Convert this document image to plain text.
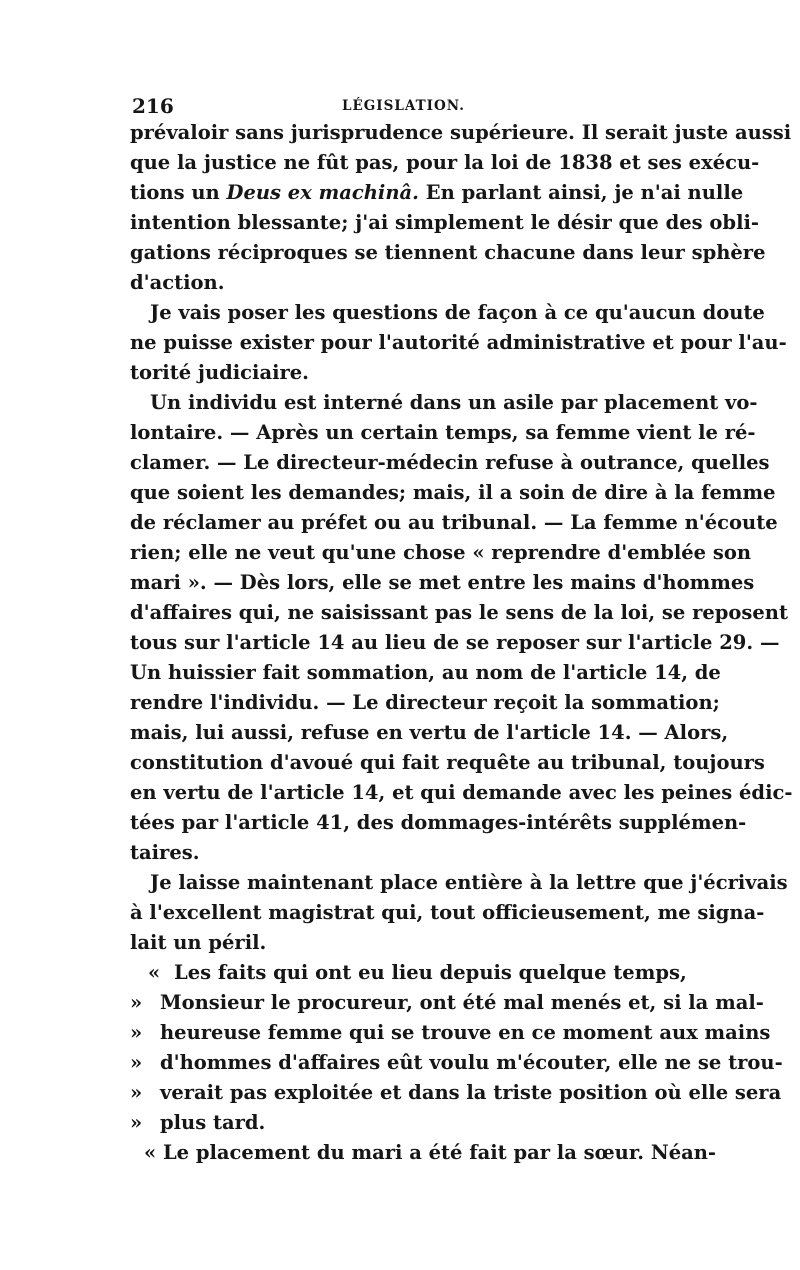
216	LÉGISLATION.
prévaloir sans jurisprudence supérieure. Il serait juste aussi
que la justice ne fût pas, pour la loi de 1838 et ses exécu-
tions un Deus ex machinâ. En parlant ainsi, je n'ai nulle
intention blessante; j'ai simplement le désir que des obli-
gations réciproques se tiennent chacune dans leur sphère
d'action.
Je vais poser les questions de façon à ce qu'aucun doute
ne puisse exister pour l'autorité administrative et pour l'au-
torité judiciaire.
Un individu est interné dans un asile par placement vo-
lontaire. — Après un certain temps, sa femme vient le ré-
clamer. — Le directeur-médecin refuse à outrance, quelles
que soient les demandes; mais, il a soin de dire à la femme
de réclamer au préfet ou au tribunal. — La femme n'écoute
rien; elle ne veut qu'une chose « reprendre d'emblée son
mari ». — Dès lors, elle se met entre les mains d'hommes
d'affaires qui, ne saisissant pas le sens de la loi, se reposent
tous sur l'article 14 au lieu de se reposer sur l'article 29. —
Un huissier fait sommation, au nom de l'article 14, de
rendre l'individu. — Le directeur reçoit la sommation;
mais, lui aussi, refuse en vertu de l'article 14. — Alors,
constitution d'avoué qui fait requête au tribunal, toujours
en vertu de l'article 14, et qui demande avec les peines édic-
tées par l'article 41, des dommages-intérêts supplémen-
taires.
Je laisse maintenant place entière à la lettre que j'écrivais
à l'excellent magistrat qui, tout officieusement, me signa-
lait un péril.
« Les faits qui ont eu lieu depuis quelque temps,
» Monsieur le procureur, ont été mal menés et, si la mal-
» heureuse femme qui se trouve en ce moment aux mains
» d'hommes d'affaires eût voulu m'écouter, elle ne se trou-
» verait pas exploitée et dans la triste position où elle sera
» plus tard.
« Le placement du mari a été fait par la sœur. Néan-
